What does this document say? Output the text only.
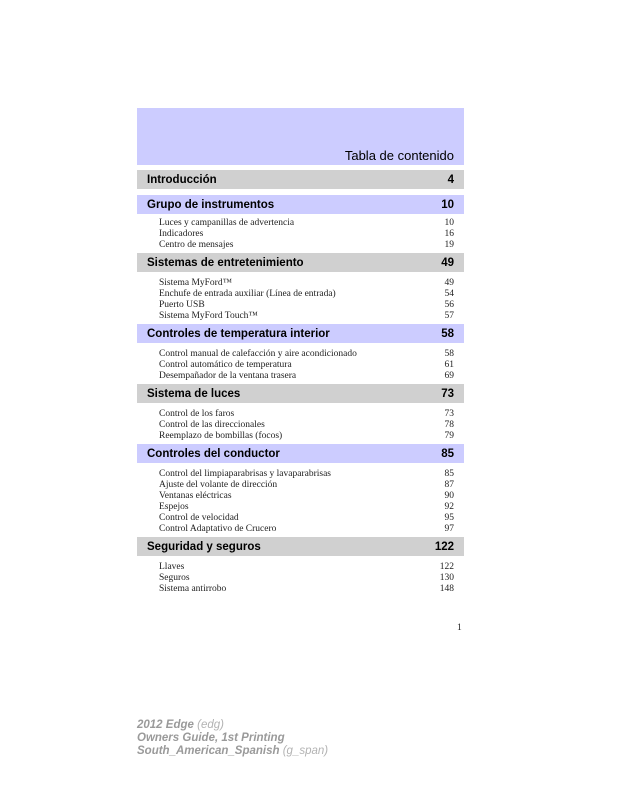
Tabla de contenido
Introducción	4
Grupo de instrumentos	10
Luces y campanillas de advertencia	10
Indicadores	16
Centro de mensajes	19
Sistemas de entretenimiento	49
Sistema MyFord™	49
Enchufe de entrada auxiliar (Línea de entrada)	54
Puerto USB	56
Sistema MyFord Touch™	57
Controles de temperatura interior	58
Control manual de calefacción y aire acondicionado	58
Control automático de temperatura	61
Desempañador de la ventana trasera	69
Sistema de luces	73
Control de los faros	73
Control de las direccionales	78
Reemplazo de bombillas (focos)	79
Controles del conductor	85
Control del limpiaparabrisas y lavaparabrisas	85
Ajuste del volante de dirección	87
Ventanas eléctricas	90
Espejos	92
Control de velocidad	95
Control Adaptativo de Crucero	97
Seguridad y seguros	122
Llaves	122
Seguros	130
Sistema antirrobo	148
1
2012 Edge (edg)
Owners Guide, 1st Printing
South_American_Spanish (g_span)
